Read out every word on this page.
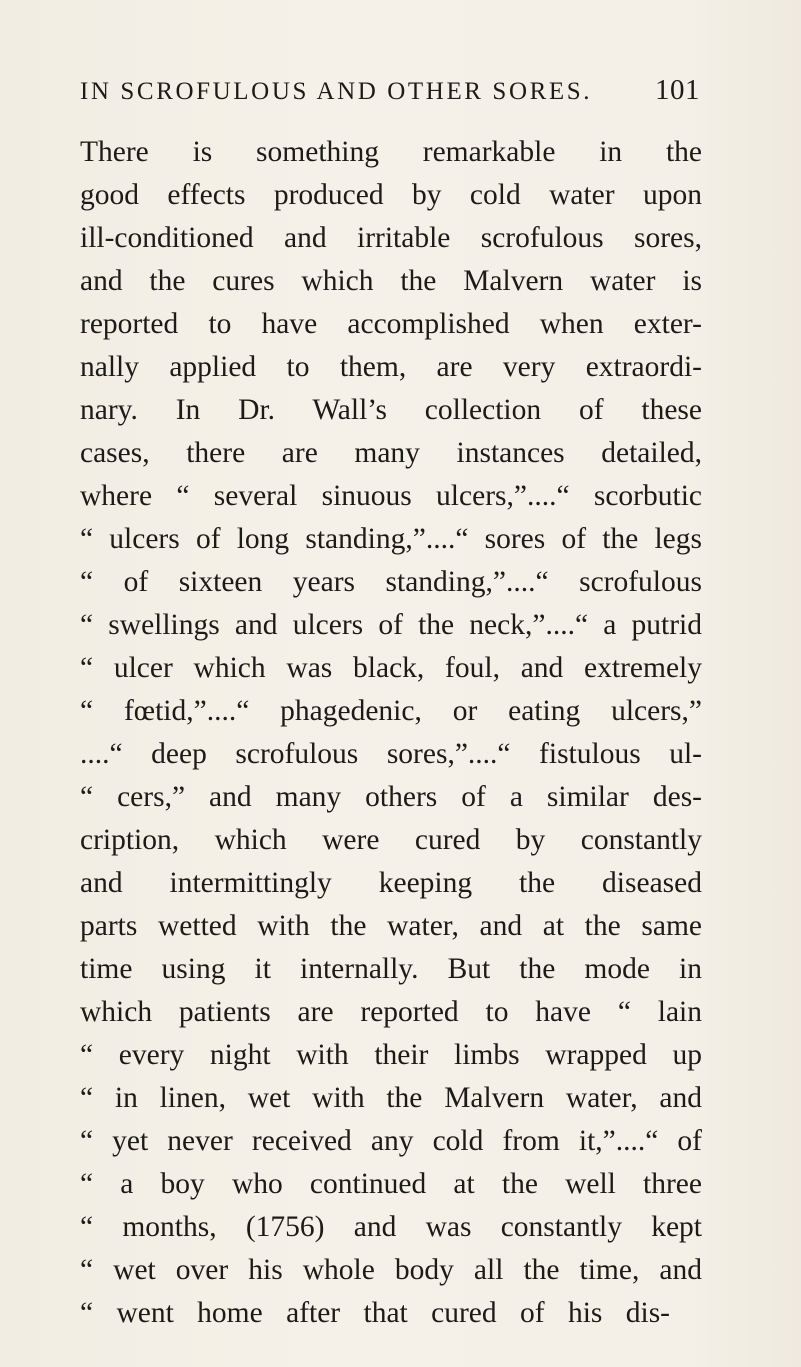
IN SCROFULOUS AND OTHER SORES. 101
There is something remarkable in the
good effects produced by cold water upon
ill-conditioned and irritable scrofulous sores,
and the cures which the Malvern water is
reported to have accomplished when exter-
nally applied to them, are very extraordi-
nary. In Dr. Wall’s collection of these
cases, there are many instances detailed,
where “ several sinuous ulcers,”....“ scorbutic
“ ulcers of long standing,”....“ sores of the legs
“ of sixteen years standing,”....“ scrofulous
“ swellings and ulcers of the neck,”....“ a putrid
“ ulcer which was black, foul, and extremely
“ fœtid,”....“ phagedenic, or eating ulcers,”
....“ deep scrofulous sores,”....“ fistulous ul-
“ cers,” and many others of a similar des-
cription, which were cured by constantly
and intermittingly keeping the diseased
parts wetted with the water, and at the same
time using it internally. But the mode in
which patients are reported to have “ lain
“ every night with their limbs wrapped up
“ in linen, wet with the Malvern water, and
“ yet never received any cold from it,”....“ of
“ a boy who continued at the well three
“ months, (1756) and was constantly kept
“ wet over his whole body all the time, and
“ went home after that cured of his dis-
